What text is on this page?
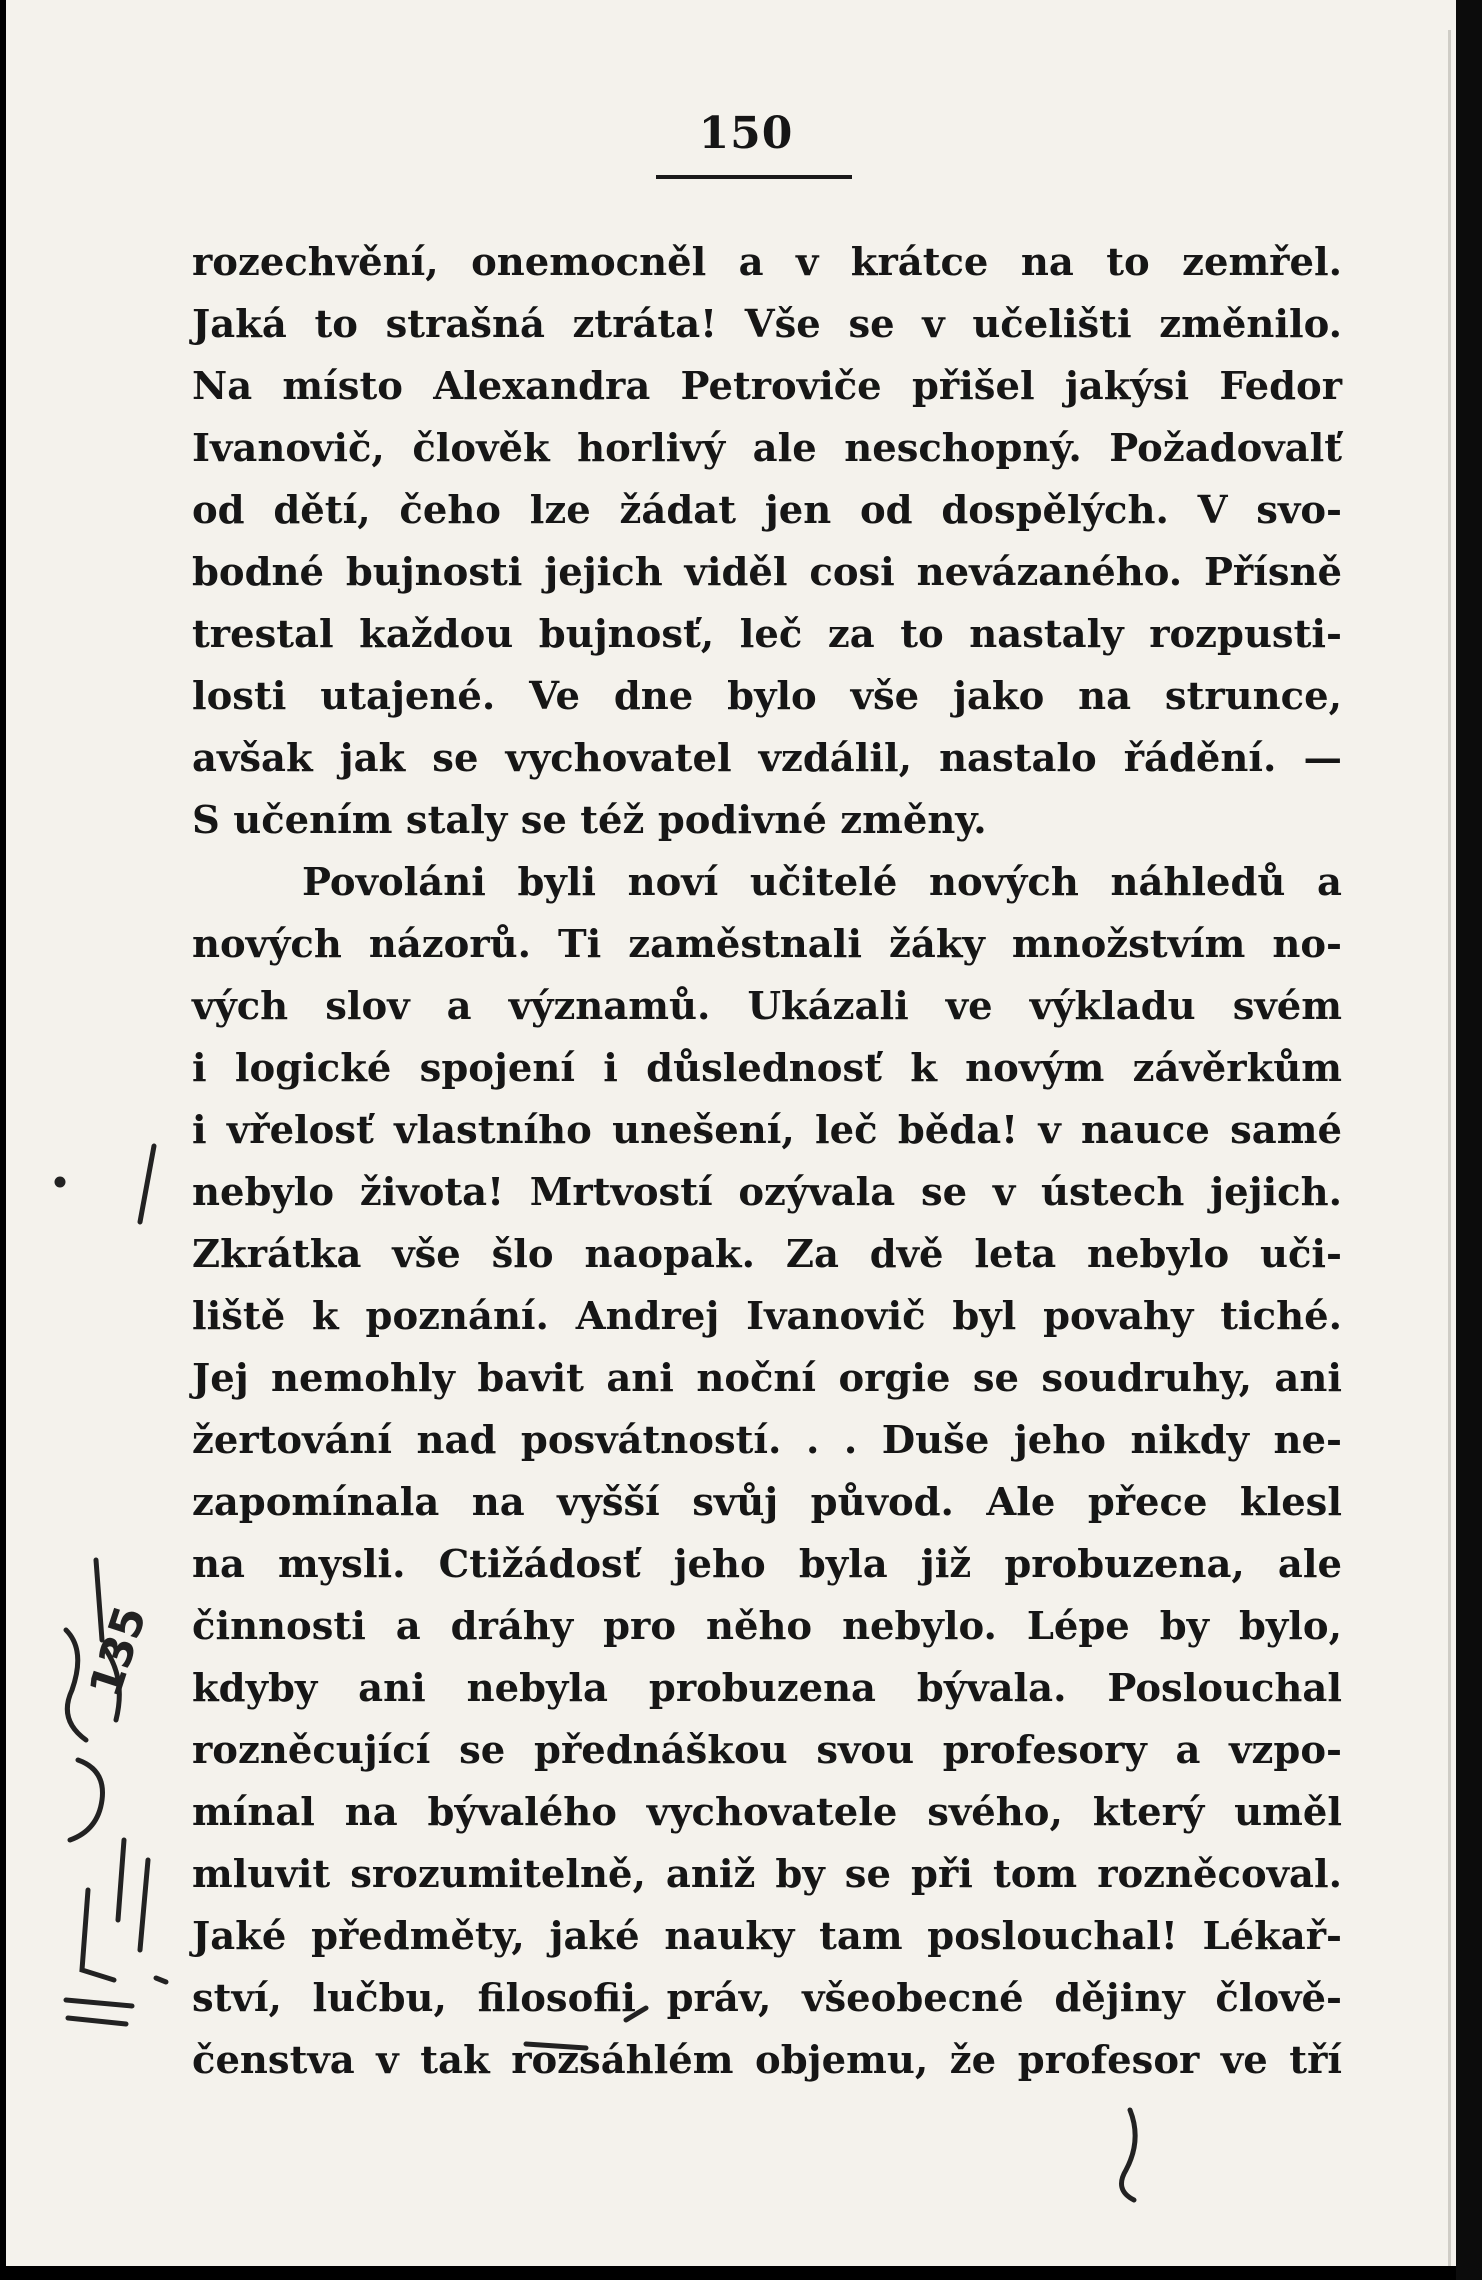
150
rozechvění, onemocněl a v krátce na to zemřel.
Jaká to strašná ztráta! Vše se v učelišti změnilo.
Na místo Alexandra Petroviče přišel jakýsi Fedor
Ivanovič, člověk horlivý ale neschopný. Požadovalť
od dětí, čeho lze žádat jen od dospělých. V svo-
bodné bujnosti jejich viděl cosi nevázaného. Přísně
trestal každou bujnosť, leč za to nastaly rozpusti-
losti utajené. Ve dne bylo vše jako na strunce,
avšak jak se vychovatel vzdálil, nastalo řádění. —
S učením staly se též podivné změny.
Povoláni byli noví učitelé nových náhledů a
nových názorů. Ti zaměstnali žáky množstvím no-
vých slov a významů. Ukázali ve výkladu svém
i logické spojení i důslednosť k novým závěrkům
i vřelosť vlastního unešení, leč běda! v nauce samé
nebylo života! Mrtvostí ozývala se v ústech jejich.
Zkrátka vše šlo naopak. Za dvě leta nebylo uči-
liště k poznání. Andrej Ivanovič byl povahy tiché.
Jej nemohly bavit ani noční orgie se soudruhy, ani
žertování nad posvátností. . . Duše jeho nikdy ne-
zapomínala na vyšší svůj původ. Ale přece klesl
na mysli. Ctižádosť jeho byla již probuzena, ale
činnosti a dráhy pro něho nebylo. Lépe by bylo,
kdyby ani nebyla probuzena bývala. Poslouchal
rozněcující se přednáškou svou profesory a vzpo-
mínal na bývalého vychovatele svého, který uměl
mluvit srozumitelně, aniž by se při tom rozněcoval.
Jaké předměty, jaké nauky tam poslouchal! Lékař-
ství, lučbu, filosofii práv, všeobecné dějiny člově-
čenstva v tak rozsáhlém objemu, že profesor ve tří
135
